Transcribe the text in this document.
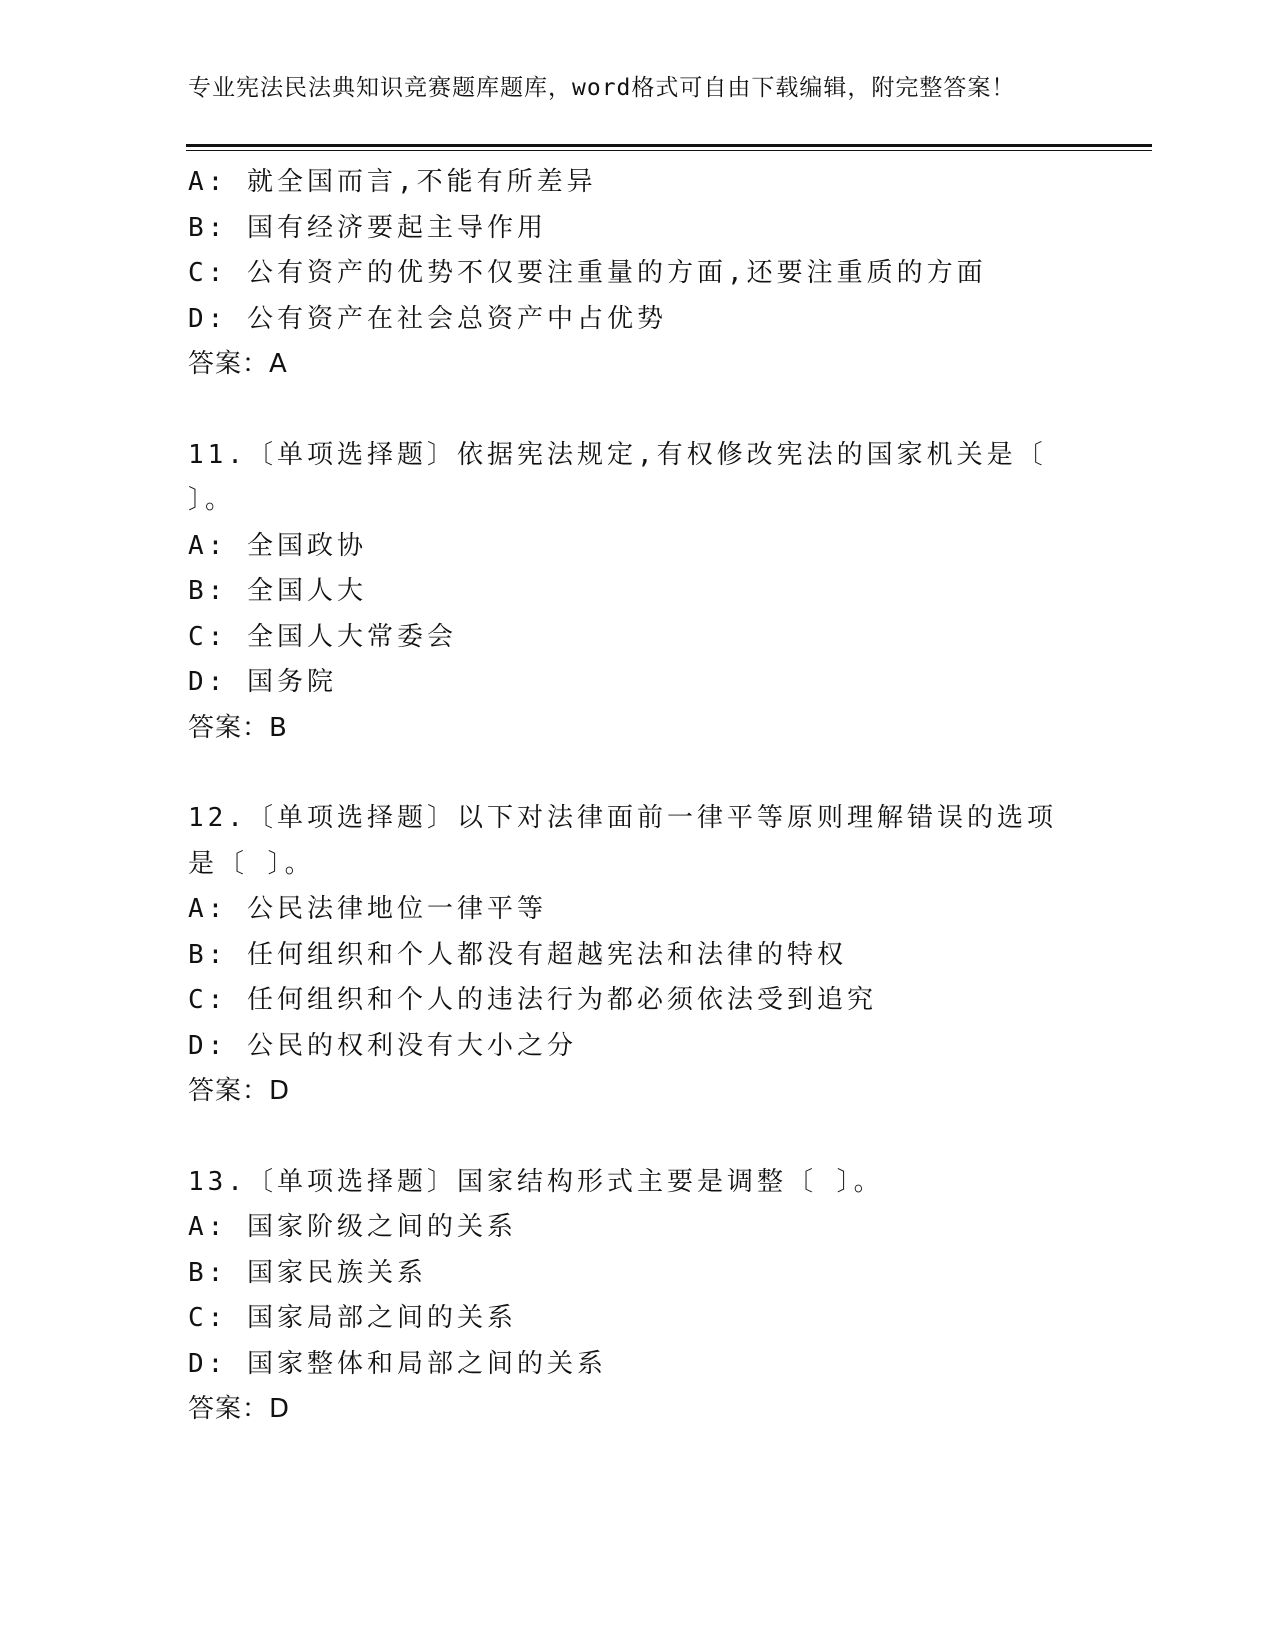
专业宪法民法典知识竞赛题库题库，word格式可自由下载编辑，附完整答案！
A: 就全国而言,不能有所差异
B: 国有经济要起主导作用
C: 公有资产的优势不仅要注重量的方面,还要注重质的方面
D: 公有资产在社会总资产中占优势
答案：A
11.〔单项选择题〕依据宪法规定,有权修改宪法的国家机关是〔 〕。
A: 全国政协
B: 全国人大
C: 全国人大常委会
D: 国务院
答案：B
12.〔单项选择题〕以下对法律面前一律平等原则理解错误的选项是〔 〕。
A: 公民法律地位一律平等
B: 任何组织和个人都没有超越宪法和法律的特权
C: 任何组织和个人的违法行为都必须依法受到追究
D: 公民的权利没有大小之分
答案：D
13.〔单项选择题〕国家结构形式主要是调整〔 〕。
A: 国家阶级之间的关系
B: 国家民族关系
C: 国家局部之间的关系
D: 国家整体和局部之间的关系
答案：D
